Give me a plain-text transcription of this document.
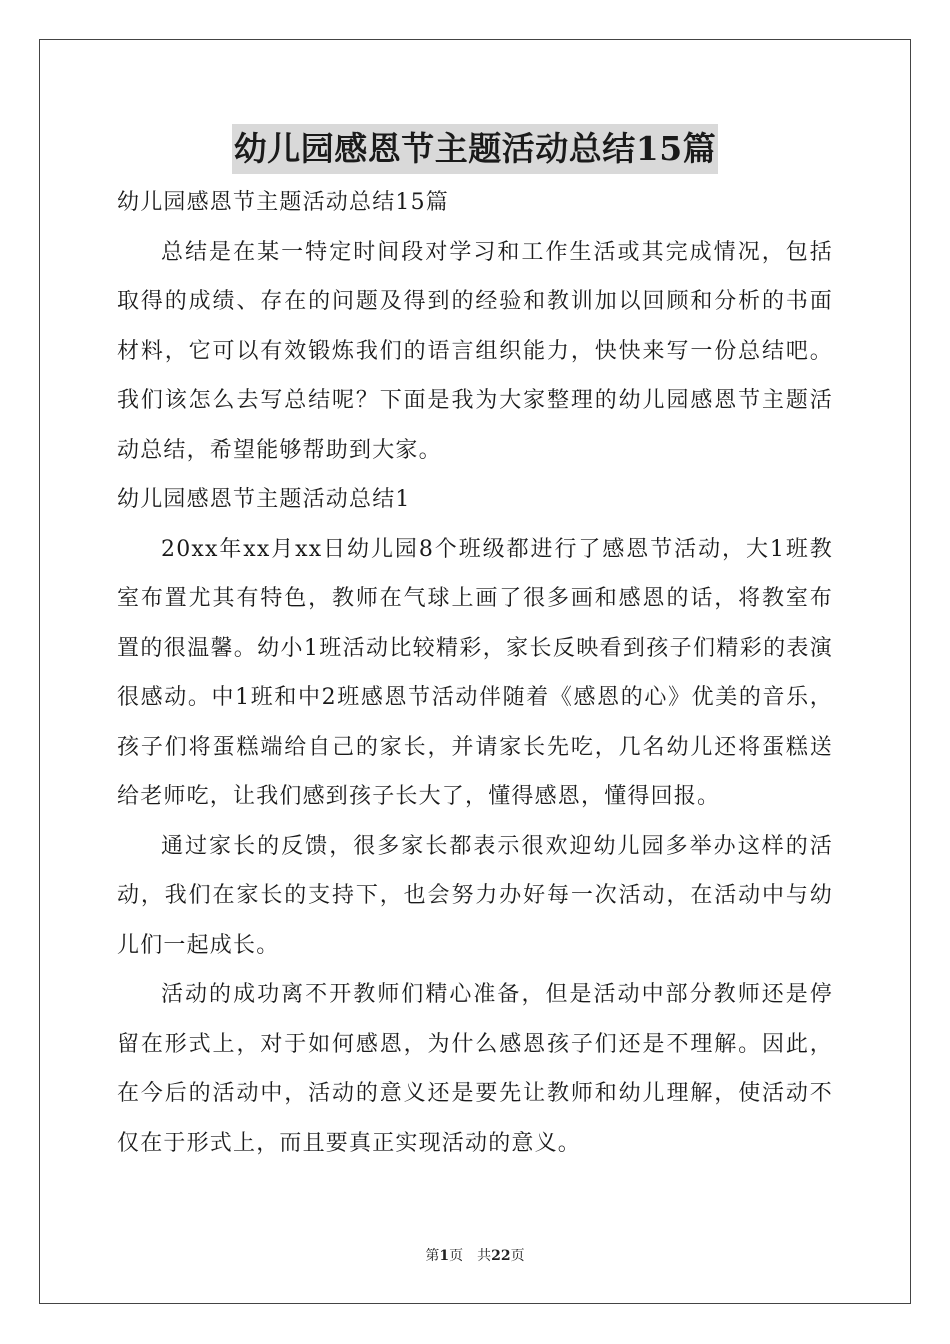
幼儿园感恩节主题活动总结15篇

幼儿园感恩节主题活动总结15篇

总结是在某一特定时间段对学习和工作生活或其完成情况，包括取得的成绩、存在的问题及得到的经验和教训加以回顾和分析的书面材料，它可以有效锻炼我们的语言组织能力，快快来写一份总结吧。我们该怎么去写总结呢？下面是我为大家整理的幼儿园感恩节主题活动总结，希望能够帮助到大家。

幼儿园感恩节主题活动总结1

20xx年xx月xx日幼儿园8个班级都进行了感恩节活动，大1班教室布置尤其有特色，教师在气球上画了很多画和感恩的话，将教室布置的很温馨。幼小1班活动比较精彩，家长反映看到孩子们精彩的表演很感动。中1班和中2班感恩节活动伴随着《感恩的心》优美的音乐，孩子们将蛋糕端给自己的家长，并请家长先吃，几名幼儿还将蛋糕送给老师吃，让我们感到孩子长大了，懂得感恩，懂得回报。

通过家长的反馈，很多家长都表示很欢迎幼儿园多举办这样的活动，我们在家长的支持下，也会努力办好每一次活动，在活动中与幼儿们一起成长。

活动的成功离不开教师们精心准备，但是活动中部分教师还是停留在形式上，对于如何感恩，为什么感恩孩子们还是不理解。因此，在今后的活动中，活动的意义还是要先让教师和幼儿理解，使活动不仅在于形式上，而且要真正实现活动的意义。

第1页 共22页
